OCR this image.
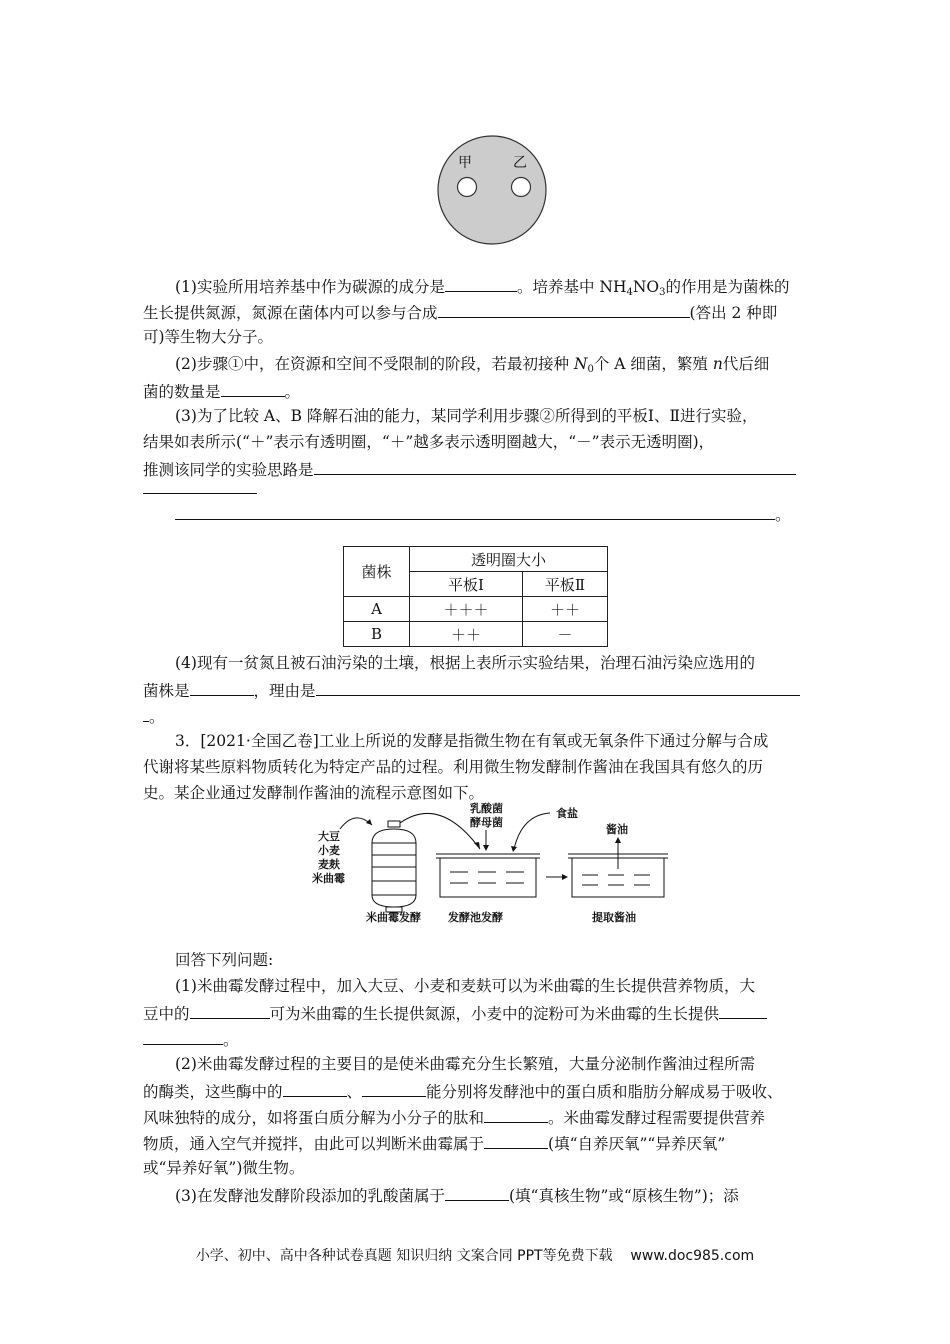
甲	乙
(1)实验所用培养基中作为碳源的成分是	。培养基中 $NH_4NO_3$的作用是为菌株的
生长提供氮源，氮源在菌体内可以参与合成	(答出 2 种即
可)等生物大分子。
(2)步骤①中，在资源和空间不受限制的阶段，若最初接种 $N_0$个 A 细菌，繁殖 n代后细
菌的数量是	。
(3)为了比较 A、B 降解石油的能力，某同学利用步骤②所得到的平板Ⅰ、Ⅱ进行实验，
结果如表所示(“＋”表示有透明圈，“＋”越多表示透明圈越大，“－”表示无透明圈)，
推测该同学的实验思路是
。
菌株	透明圈大小	
	平板Ⅰ	平板Ⅱ
A	＋＋＋	＋＋
B	＋＋	－
(4)现有一贫氮且被石油污染的土壤，根据上表所示实验结果，治理石油污染应选用的
菌株是	，理由是
。
3．[2021·全国乙卷]工业上所说的发酵是指微生物在有氧或无氧条件下通过分解与合成
代谢将某些原料物质转化为特定产品的过程。利用微生物发酵制作酱油在我国具有悠久的历
史。某企业通过发酵制作酱油的流程示意图如下。
大豆
小麦
麦麸
米曲霉
米曲霉发酵
乳酸菌
酵母菌
食盐
发酵池发酵
酱油
提取酱油
回答下列问题:
(1)米曲霉发酵过程中，加入大豆、小麦和麦麸可以为米曲霉的生长提供营养物质，大
豆中的	可为米曲霉的生长提供氮源，小麦中的淀粉可为米曲霉的生长提供
。
(2)米曲霉发酵过程的主要目的是使米曲霉充分生长繁殖，大量分泌制作酱油过程所需
的酶类，这些酶中的	、	能分别将发酵池中的蛋白质和脂肪分解成易于吸收、
风味独特的成分，如将蛋白质分解为小分子的肽和	。米曲霉发酵过程需要提供营养
物质，通入空气并搅拌，由此可以判断米曲霉属于	(填“自养厌氧”“异养厌氧”
或“异养好氧”)微生物。
(3)在发酵池发酵阶段添加的乳酸菌属于	(填“真核生物”或“原核生物”)；添
小学、初中、高中各种试卷真题 知识归纳 文案合同 PPT等免费下载 www.doc985.com
